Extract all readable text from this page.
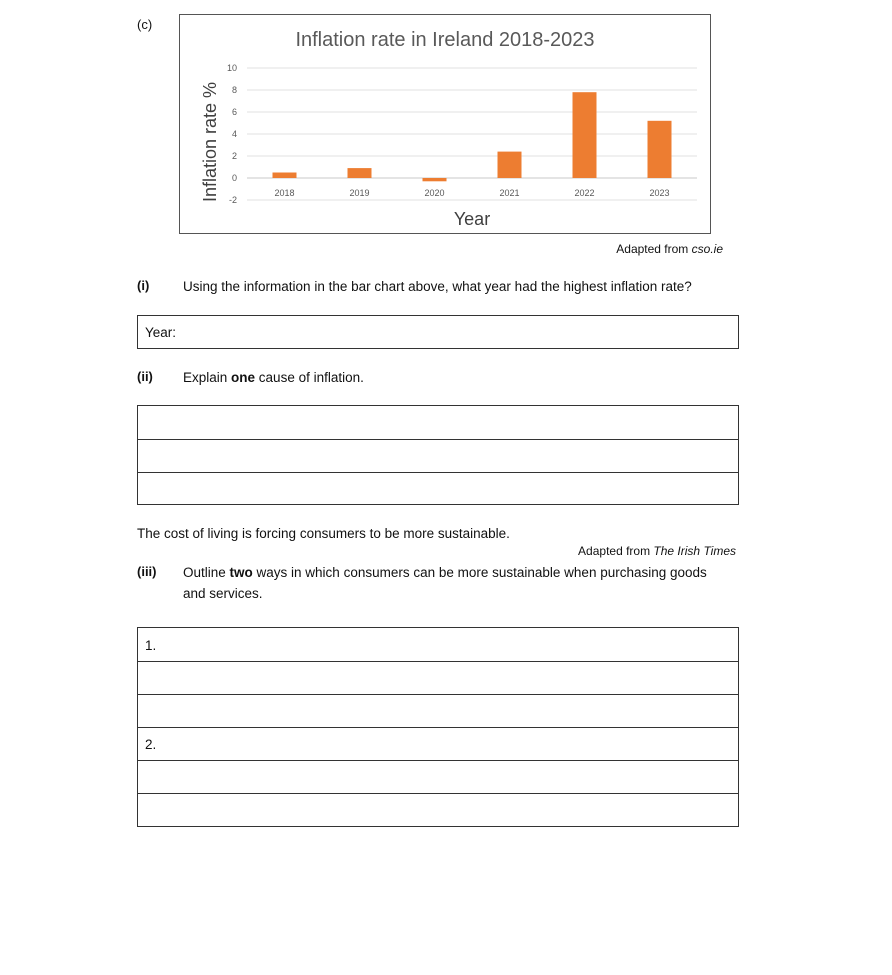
(c)
Inflation rate in Ireland 2018-2023
Inflation rate %
Year
10
8
6
4
2
0
-2
2018	2019	2020	2021	2022	2023
Adapted from cso.ie
(i) Using the information in the bar chart above, what year had the highest inflation rate?
Year:
(ii) Explain one cause of inflation.
The cost of living is forcing consumers to be more sustainable.
Adapted from The Irish Times
(iii) Outline two ways in which consumers can be more sustainable when purchasing goods
and services.
1.
2.
